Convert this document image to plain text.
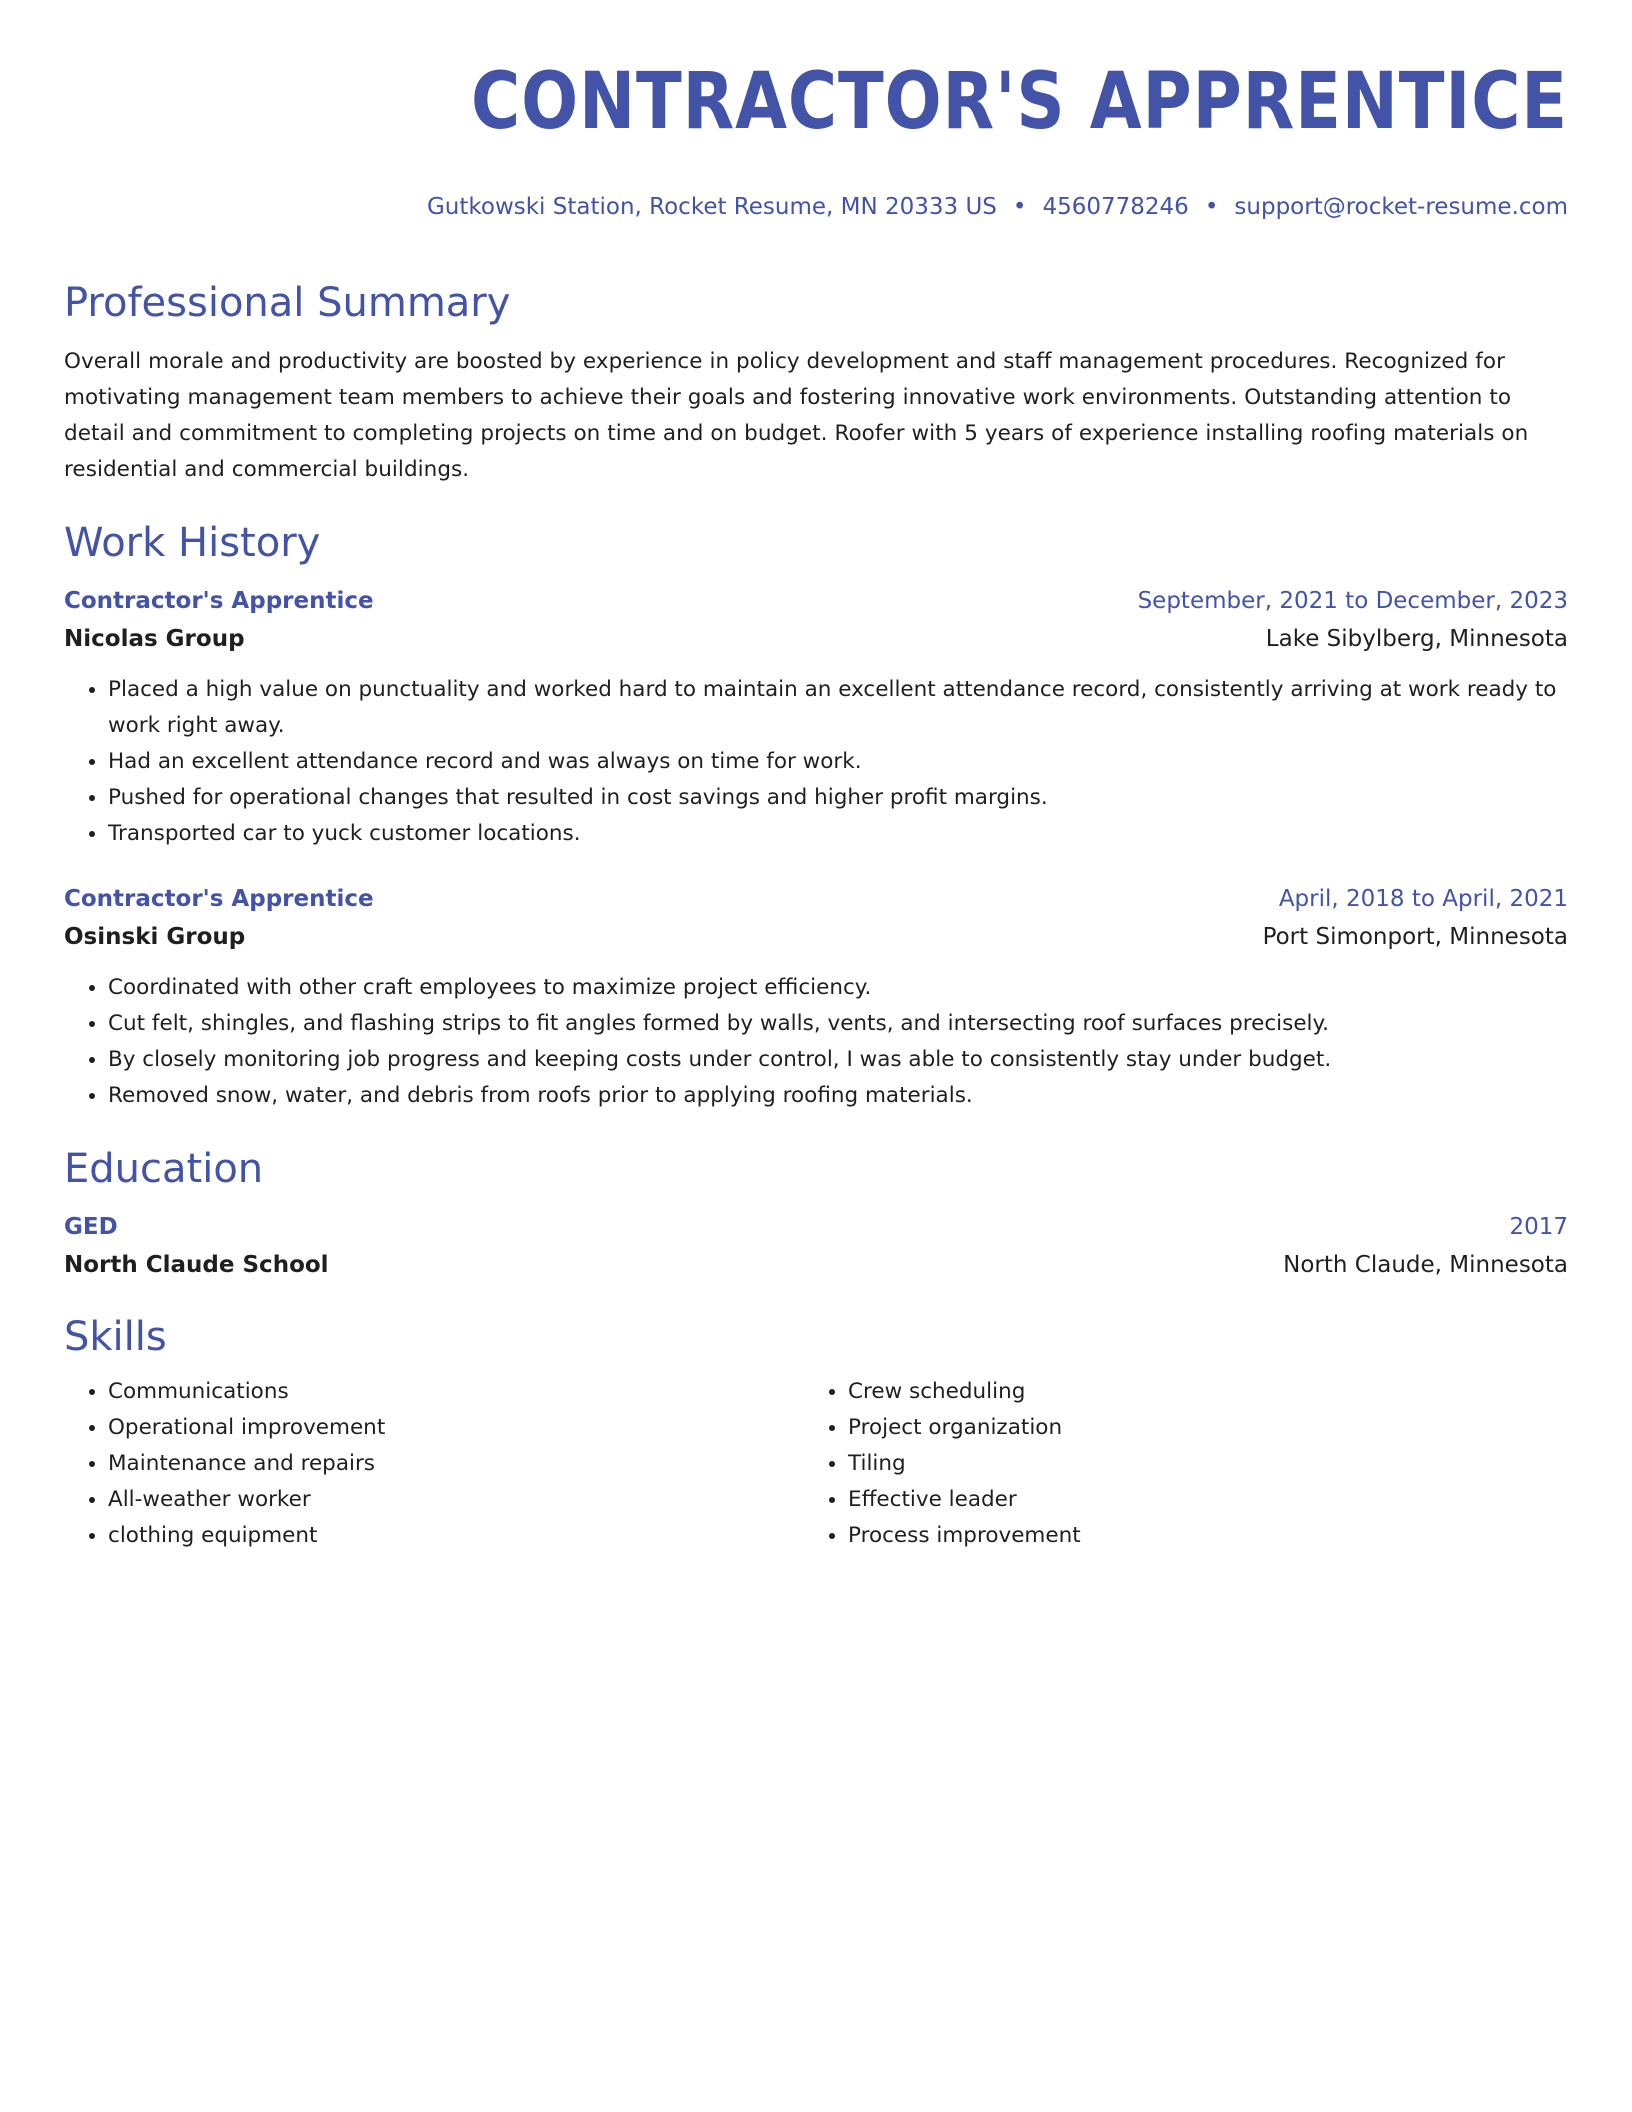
CONTRACTOR'S APPRENTICE
Gutkowski Station, Rocket Resume, MN 20333 US • 4560778246 • support@rocket-resume.com
Professional Summary
Overall morale and productivity are boosted by experience in policy development and staff management procedures. Recognized for motivating management team members to achieve their goals and fostering innovative work environments. Outstanding attention to detail and commitment to completing projects on time and on budget. Roofer with 5 years of experience installing roofing materials on residential and commercial buildings.
Work History
Contractor's Apprentice	September, 2021 to December, 2023
Nicolas Group	Lake Sibylberg, Minnesota
• Placed a high value on punctuality and worked hard to maintain an excellent attendance record, consistently arriving at work ready to work right away.
• Had an excellent attendance record and was always on time for work.
• Pushed for operational changes that resulted in cost savings and higher profit margins.
• Transported car to yuck customer locations.
Contractor's Apprentice	April, 2018 to April, 2021
Osinski Group	Port Simonport, Minnesota
• Coordinated with other craft employees to maximize project efficiency.
• Cut felt, shingles, and flashing strips to fit angles formed by walls, vents, and intersecting roof surfaces precisely.
• By closely monitoring job progress and keeping costs under control, I was able to consistently stay under budget.
• Removed snow, water, and debris from roofs prior to applying roofing materials.
Education
GED	2017
North Claude School	North Claude, Minnesota
Skills
• Communications
• Operational improvement
• Maintenance and repairs
• All-weather worker
• clothing equipment
• Crew scheduling
• Project organization
• Tiling
• Effective leader
• Process improvement
